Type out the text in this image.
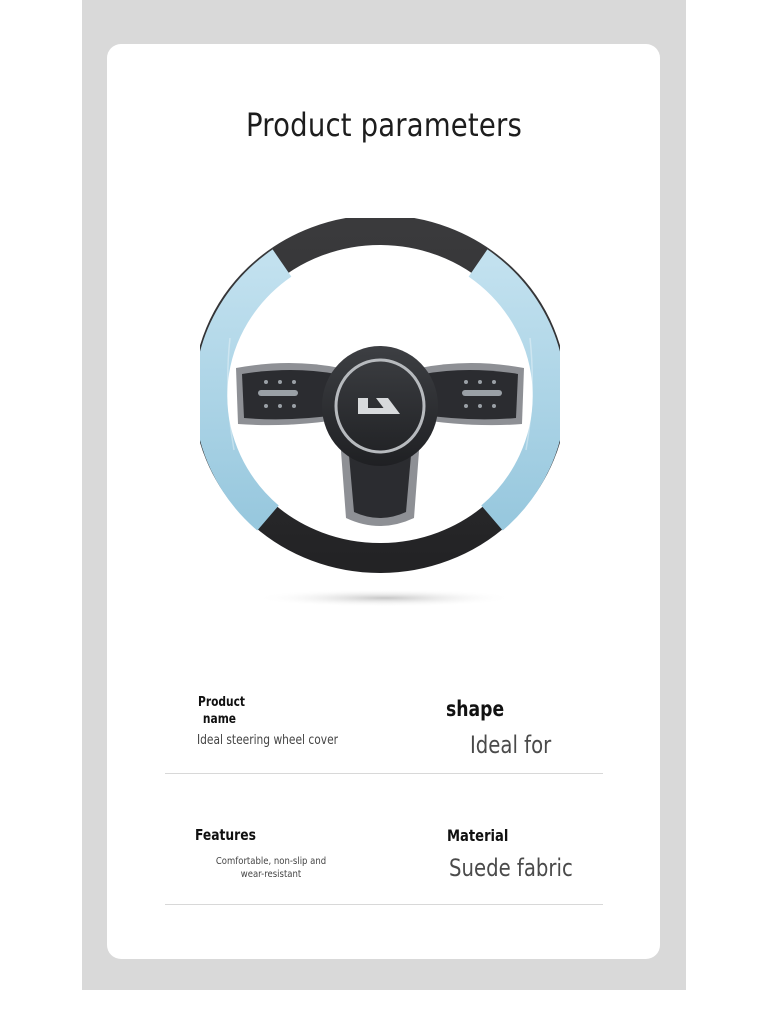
Product parameters
Product
name
Ideal steering wheel cover
shape
Ideal for
Features
Comfortable, non-slip and
wear-resistant
Material
Suede fabric
